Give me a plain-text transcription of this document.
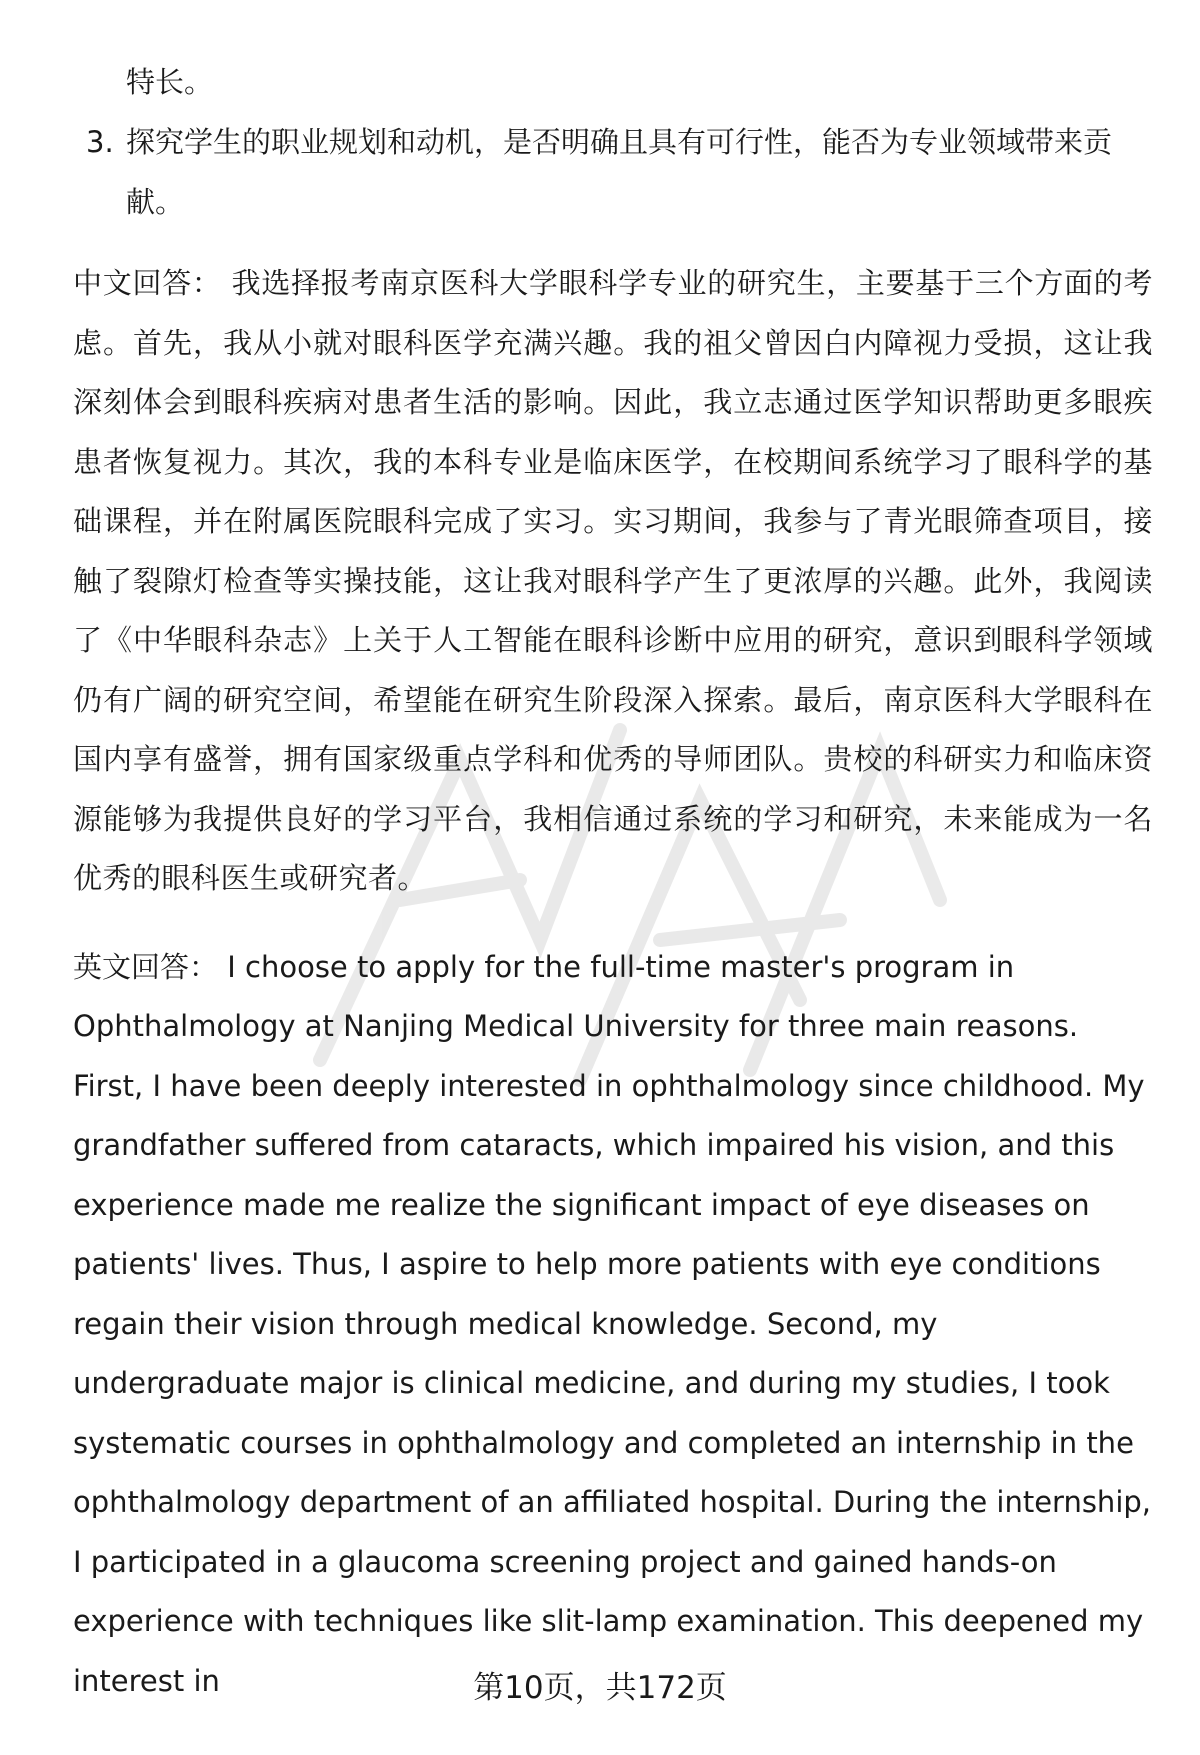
特长。
3. 探究学生的职业规划和动机，是否明确且具有可行性，能否为专业领域带来贡献。

中文回答： 我选择报考南京医科大学眼科学专业的研究生，主要基于三个方面的考虑。首先，我从小就对眼科医学充满兴趣。我的祖父曾因白内障视力受损，这让我深刻体会到眼科疾病对患者生活的影响。因此，我立志通过医学知识帮助更多眼疾患者恢复视力。其次，我的本科专业是临床医学，在校期间系统学习了眼科学的基础课程，并在附属医院眼科完成了实习。实习期间，我参与了青光眼筛查项目，接触了裂隙灯检查等实操技能，这让我对眼科学产生了更浓厚的兴趣。此外，我阅读了《中华眼科杂志》上关于人工智能在眼科诊断中应用的研究，意识到眼科学领域仍有广阔的研究空间，希望能在研究生阶段深入探索。最后，南京医科大学眼科在国内享有盛誉，拥有国家级重点学科和优秀的导师团队。贵校的科研实力和临床资源能够为我提供良好的学习平台，我相信通过系统的学习和研究，未来能成为一名优秀的眼科医生或研究者。

英文回答： I choose to apply for the full-time master's program in Ophthalmology at Nanjing Medical University for three main reasons. First, I have been deeply interested in ophthalmology since childhood. My grandfather suffered from cataracts, which impaired his vision, and this experience made me realize the significant impact of eye diseases on patients' lives. Thus, I aspire to help more patients with eye conditions regain their vision through medical knowledge. Second, my undergraduate major is clinical medicine, and during my studies, I took systematic courses in ophthalmology and completed an internship in the ophthalmology department of an affiliated hospital. During the internship, I participated in a glaucoma screening project and gained hands-on experience with techniques like slit-lamp examination. This deepened my interest in	第10页，共172页
